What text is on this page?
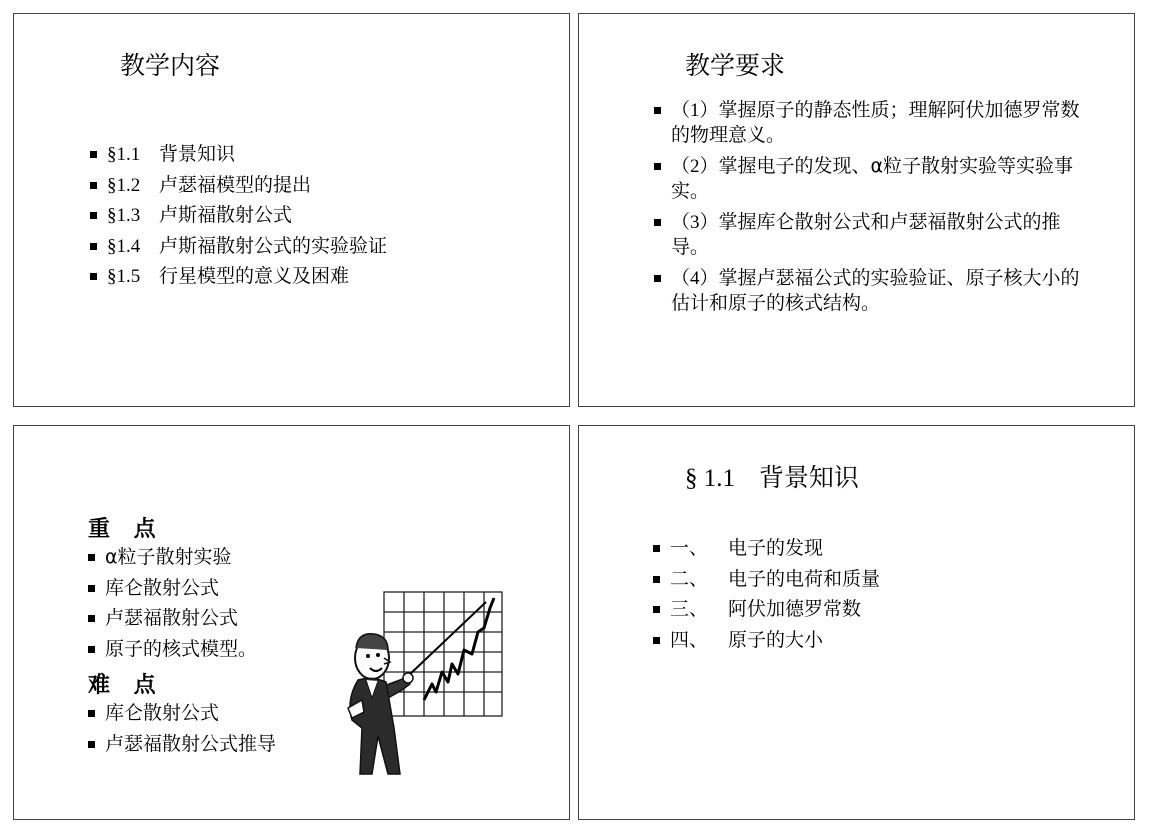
教学内容
§1.1 背景知识
§1.2 卢瑟福模型的提出
§1.3 卢斯福散射公式
§1.4 卢斯福散射公式的实验验证
§1.5 行星模型的意义及困难
教学要求
（1）掌握原子的静态性质；理解阿伏加德罗常数的物理意义。
（2）掌握电子的发现、α粒子散射实验等实验事实。
（3）掌握库仑散射公式和卢瑟福散射公式的推导。
（4）掌握卢瑟福公式的实验验证、原子核大小的估计和原子的核式结构。
重 点
α粒子散射实验
库仑散射公式
卢瑟福散射公式
原子的核式模型。
难 点
库仑散射公式
卢瑟福散射公式推导
§ 1.1 背景知识
一、 电子的发现
二、 电子的电荷和质量
三、 阿伏加德罗常数
四、 原子的大小
